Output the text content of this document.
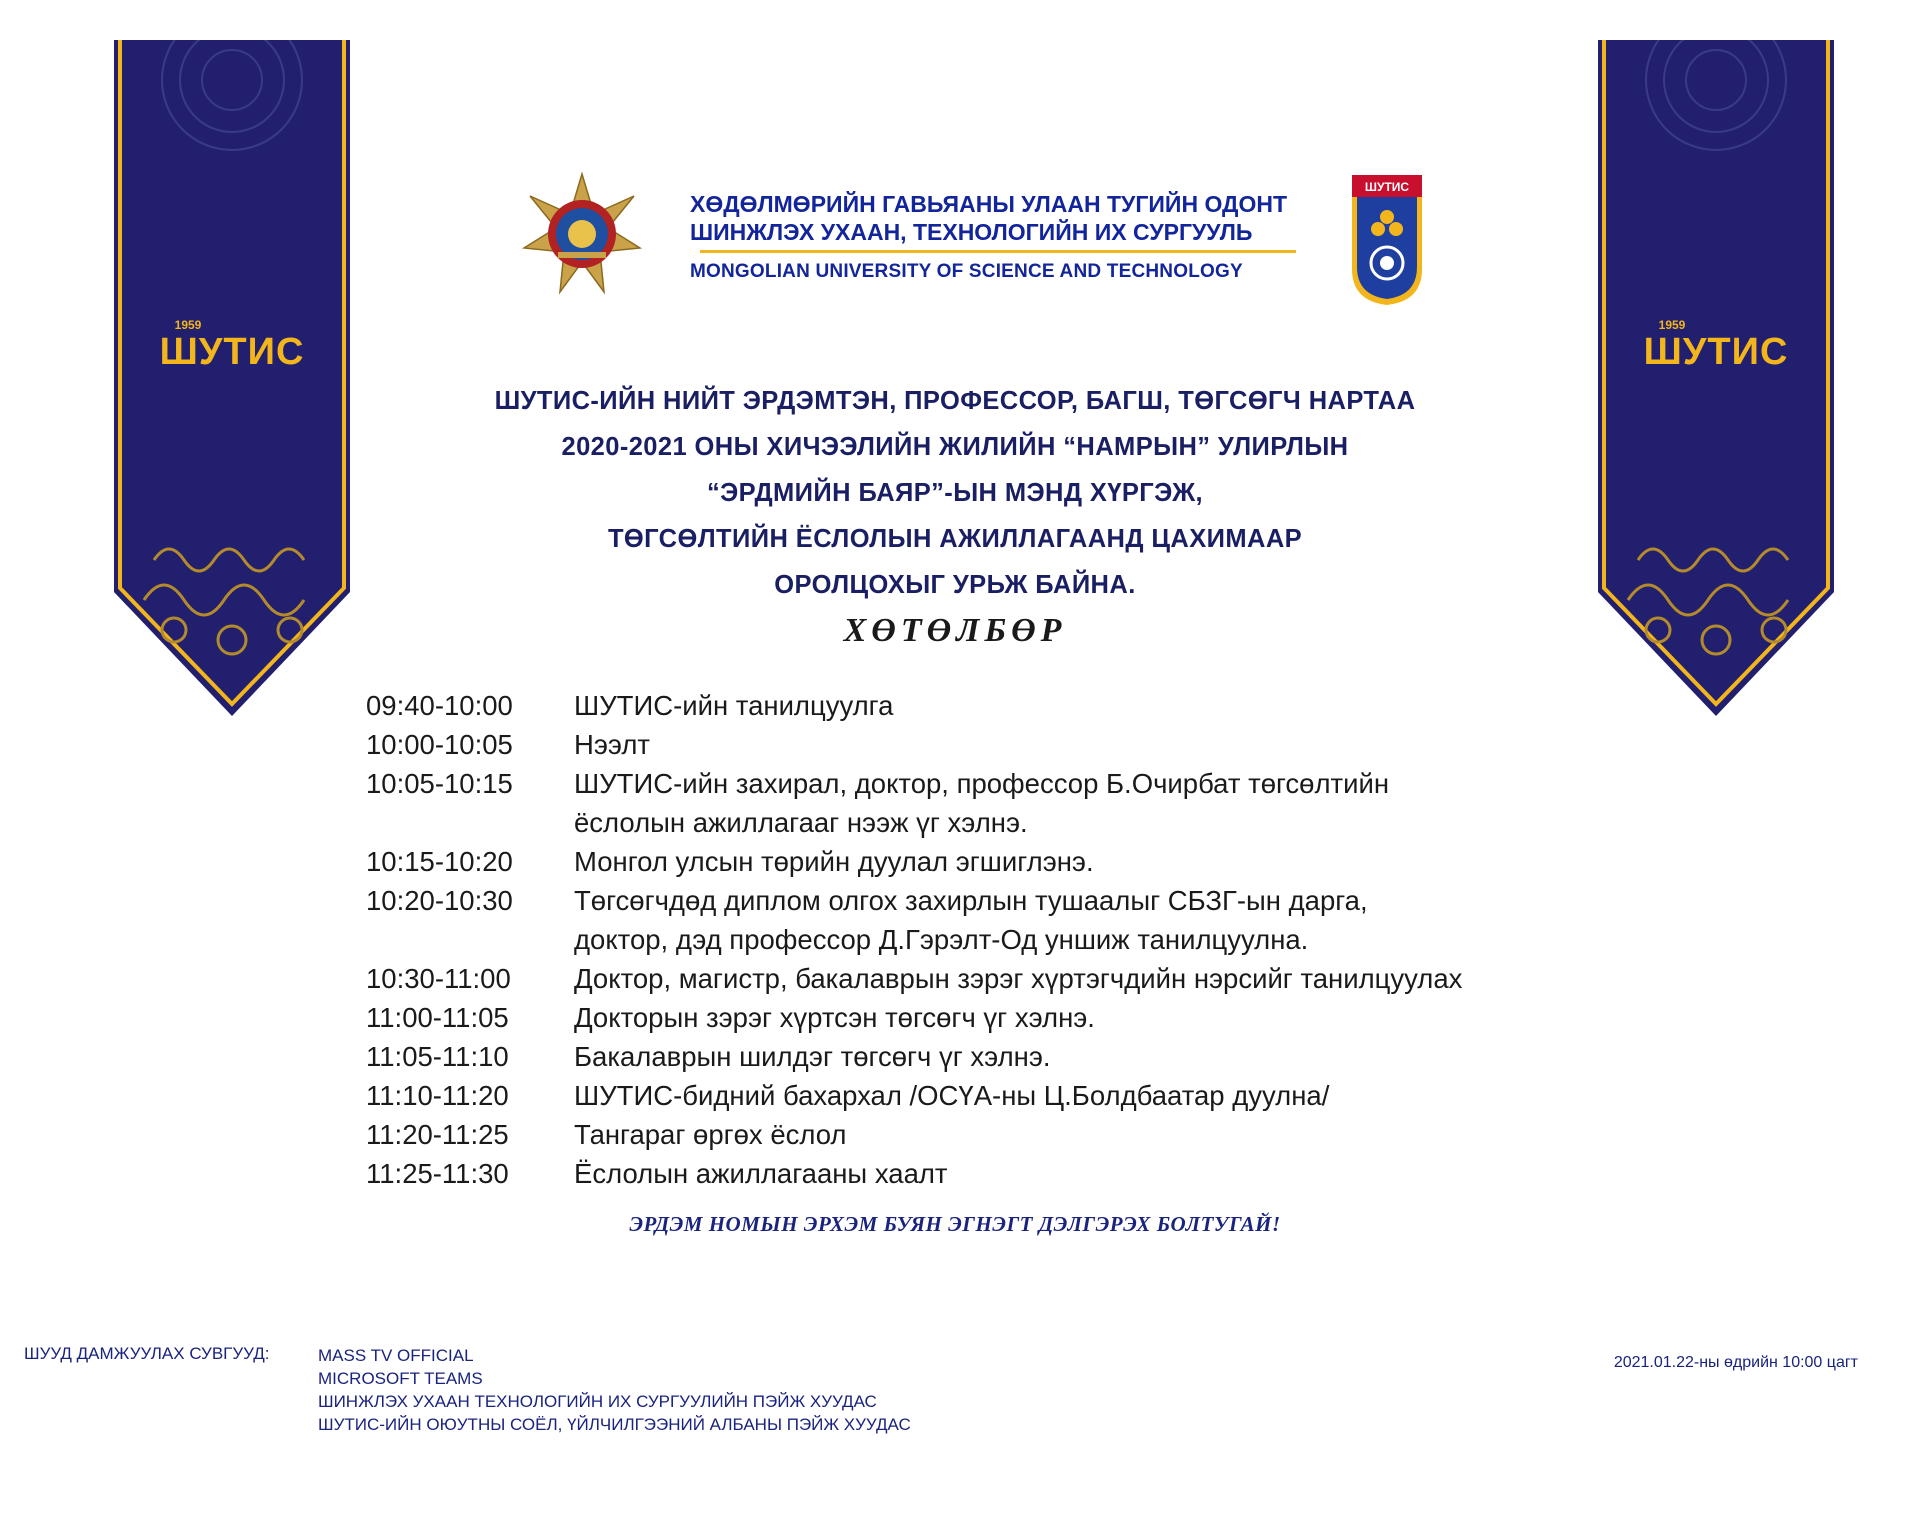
1959
ШУТИС
1959
ШУТИС
ХӨДӨЛМӨРИЙН ГАВЬЯАНЫ УЛААН ТУГИЙН ОДОНТ
ШИНЖЛЭХ УХААН, ТЕХНОЛОГИЙН ИХ СУРГУУЛЬ
MONGOLIAN UNIVERSITY OF SCIENCE AND TECHNOLOGY
ШУТИС
ШУТИС-ИЙН НИЙТ ЭРДЭМТЭН, ПРОФЕССОР, БАГШ, ТӨГСӨГЧ НАРТАА
2020-2021 ОНЫ ХИЧЭЭЛИЙН ЖИЛИЙН “НАМРЫН” УЛИРЛЫН
“ЭРДМИЙН БАЯР”-ЫН МЭНД ХҮРГЭЖ,
ТӨГСӨЛТИЙН ЁСЛОЛЫН АЖИЛЛАГААНД ЦАХИМААР
ОРОЛЦОХЫГ УРЬЖ БАЙНА.
ХӨТӨЛБӨР
09:40-10:00	ШУТИС-ийн танилцуулга
10:00-10:05	Нээлт
10:05-10:15	ШУТИС-ийн захирал, доктор, профессор Б.Очирбат төгсөлтийн
ёслолын ажиллагааг нээж үг хэлнэ.
10:15-10:20	Монгол улсын төрийн дуулал эгшиглэнэ.
10:20-10:30	Төгсөгчдөд диплом олгох захирлын тушаалыг СБЗГ-ын дарга,
доктор, дэд профессор Д.Гэрэлт-Од уншиж танилцуулна.
10:30-11:00	Доктор, магистр, бакалаврын зэрэг хүртэгчдийн нэрсийг танилцуулах
11:00-11:05	Докторын зэрэг хүртсэн төгсөгч үг хэлнэ.
11:05-11:10	Бакалаврын шилдэг төгсөгч үг хэлнэ.
11:10-11:20	ШУТИС-бидний бахархал /ОСҮА-ны Ц.Болдбаатар дуулна/
11:20-11:25	Тангараг өргөх ёслол
11:25-11:30	Ёслолын ажиллагааны хаалт
ЭРДЭМ НОМЫН ЭРХЭМ БУЯН ЭГНЭГТ ДЭЛГЭРЭХ БОЛТУГАЙ!
ШУУД ДАМЖУУЛАХ СУВГУУД:	MASS TV OFFICIAL
MICROSOFT TEAMS
ШИНЖЛЭХ УХААН ТЕХНОЛОГИЙН ИХ СУРГУУЛИЙН ПЭЙЖ ХУУДАС
ШУТИС-ИЙН ОЮУТНЫ СОЁЛ, ҮЙЛЧИЛГЭЭНИЙ АЛБАНЫ ПЭЙЖ ХУУДАС
2021.01.22-ны өдрийн 10:00 цагт
